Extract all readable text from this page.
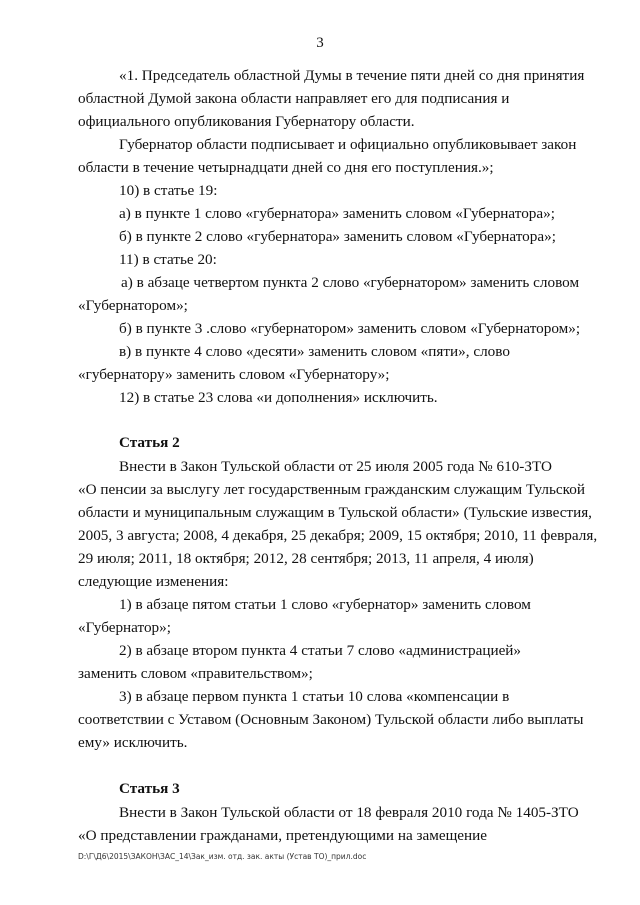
3
«1. Председатель областной Думы в течение пяти дней со дня принятия
областной Думой закона области направляет его для подписания и
официального опубликования Губернатору области.
Губернатор области подписывает и официально опубликовывает закон
области в течение четырнадцати дней со дня его поступления.»;
10) в статье 19:
а) в пункте 1 слово «губернатора» заменить словом «Губернатора»;
б) в пункте 2 слово «губернатора» заменить словом «Губернатора»;
11) в статье 20:
а) в абзаце четвертом пункта 2 слово «губернатором» заменить словом
«Губернатором»;
б) в пункте 3 .слово «губернатором» заменить словом «Губернатором»;
в) в пункте 4 слово «десяти» заменить словом «пяти», слово
«губернатору» заменить словом «Губернатору»;
12) в статье 23 слова «и дополнения» исключить.
Статья 2
Внести в Закон Тульской области от 25 июля 2005 года № 610-ЗТО
«О пенсии за выслугу лет государственным гражданским служащим Тульской
области и муниципальным служащим в Тульской области» (Тульские известия,
2005, 3 августа; 2008, 4 декабря, 25 декабря; 2009, 15 октября; 2010, 11 февраля,
29 июля; 2011, 18 октября; 2012, 28 сентября; 2013, 11 апреля, 4 июля)
следующие изменения:
1) в абзаце пятом статьи 1 слово «губернатор» заменить словом
«Губернатор»;
2) в абзаце втором пункта 4 статьи 7 слово «администрацией»
заменить словом «правительством»;
3) в абзаце первом пункта 1 статьи 10 слова «компенсации в
соответствии с Уставом (Основным Законом) Тульской области либо выплаты
ему» исключить.
Статья 3
Внести в Закон Тульской области от 18 февраля 2010 года № 1405-ЗТО
«О представлении гражданами, претендующими на замещение
D:\Г\Д6\2015\ЗАКОН\ЗАС_14\Зак_изм. отд. зак. акты (Устав ТО)_прил.doc
